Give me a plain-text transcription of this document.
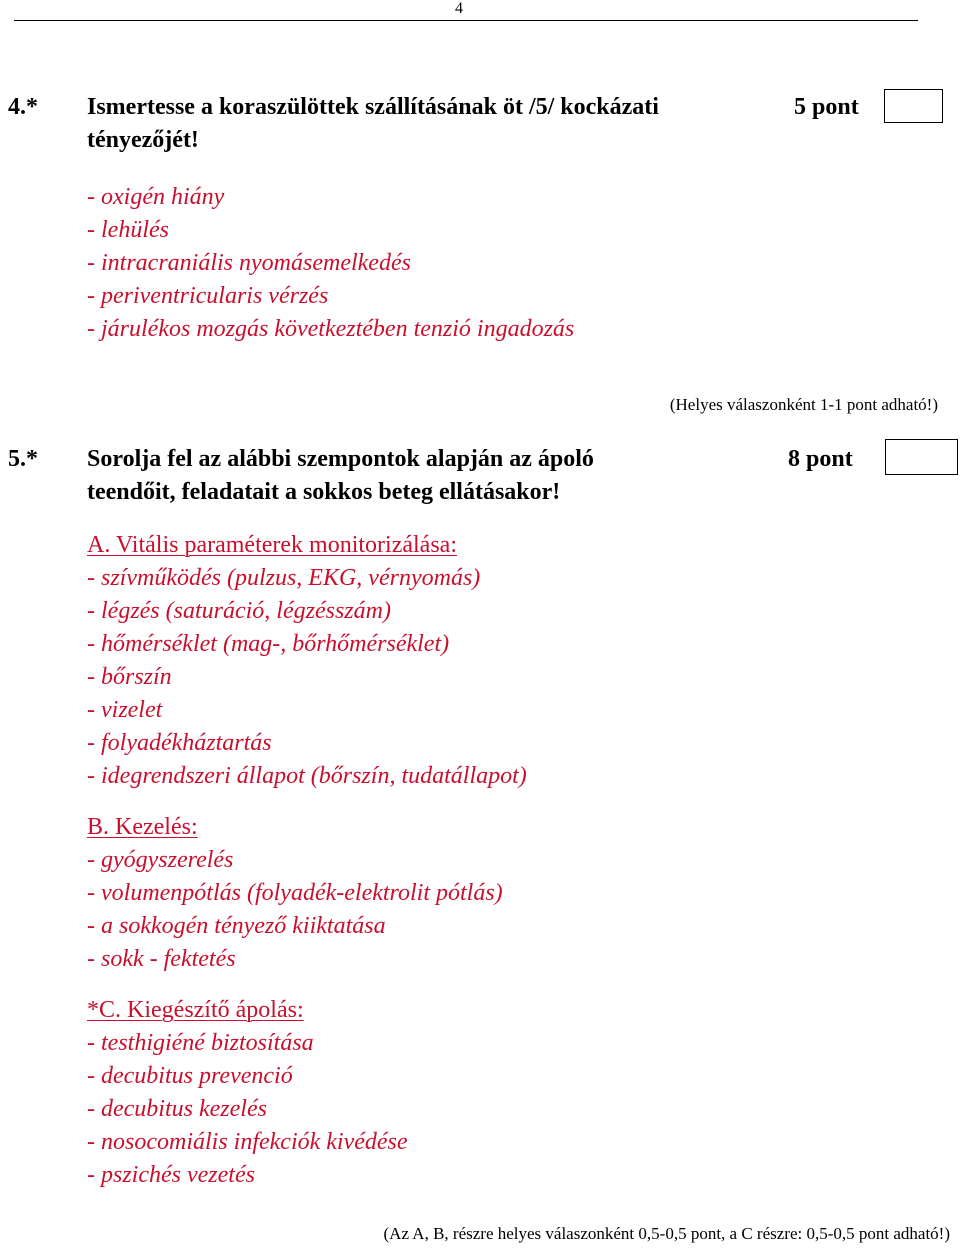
4
4.* Ismertesse a koraszülöttek szállításának öt /5/ kockázati
tényezőjét!
5 pont
- oxigén hiány
- lehülés
- intracraniális nyomásemelkedés
- periventricularis vérzés
- járulékos mozgás következtében tenzió ingadozás
(Helyes válaszonként 1-1 pont adható!)
5.* Sorolja fel az alábbi szempontok alapján az ápoló
teendőit, feladatait a sokkos beteg ellátásakor!
8 pont
A. Vitális paraméterek monitorizálása:
- szívműködés (pulzus, EKG, vérnyomás)
- légzés (saturáció, légzésszám)
- hőmérséklet (mag-, bőrhőmérséklet)
- bőrszín
- vizelet
- folyadékháztartás
- idegrendszeri állapot (bőrszín, tudatállapot)
B. Kezelés:
- gyógyszerelés
- volumenpótlás (folyadék-elektrolit pótlás)
- a sokkogén tényező kiiktatása
- sokk - fektetés
*C. Kiegészítő ápolás:
- testhigiéné biztosítása
- decubitus prevenció
- decubitus kezelés
- nosocomiális infekciók kivédése
- pszichés vezetés
(Az A, B, részre helyes válaszonként 0,5-0,5 pont, a C részre: 0,5-0,5 pont adható!)
